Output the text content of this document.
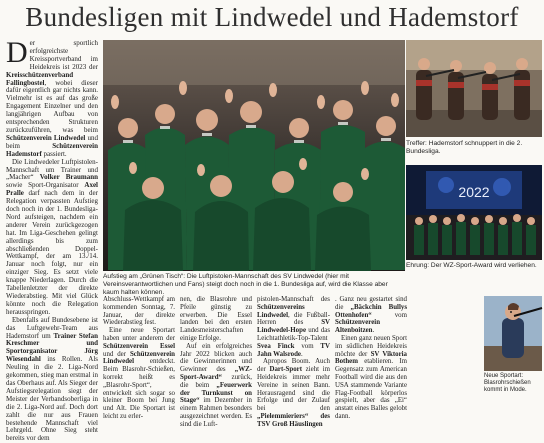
Bundesligen mit Lindwedel und Hademstorf

Der sportlich erfolgreichste Kreissportverband im Heidekreis ist 2023 der Kreisschützenverband Fallingbostel, wobei dieser dafür eigentlich gar nichts kann. Vielmehr ist es auf das große Engagement Einzelner und den langjährigen Aufbau von entsprechenden Strukturen zurückzuführen, was beim Schützenverein Lindwedel und beim Schützenverein Hademstorf passiert.

Die Lindwedeler Luftpistolen-Mannschaft um Trainer und „Macher“ Volker Braumann sowie Sport-Organisator Axel Pralle darf nach dem in der Relegation verpassten Aufstieg doch noch in der 1. Bundesliga-Nord aufsteigen, nachdem ein anderer Verein zurückgezogen hat. Im Liga-Geschehen gelingt allerdings bis zum abschließenden Doppel-Wettkampf, der am 13./14. Januar noch folgt, nur ein einziger Sieg. Es setzt viele knappe Niederlagen. Durch die Tabellenletzter der direkte Wiederabstieg. Mit viel Glück könnte noch die Relegation herausspringen.

Ebenfalls auf Bundesebene ist das Luftgewehr-Team aus Hademstorf um Trainer Stefan Kreschmer und Sportorganisator Jörg Wiesendahl ins Rollen. Als Neuling in die 2. Liga-Nord gekommen, stieg man erstmal in das Oberhaus auf. Als Sieger der Aufstiegsrelegation siegt der Meister der Verbandsoberliga in die 2. Liga-Nord auf. Doch dort zahlt die nur aus Frauen bestehende Mannschaft viel Lehrgeld. Ohne Sieg steht bereits vor dem

Aufstieg am „Grünen Tisch“: Die Luftpistolen-Mannschaft des SV Lindwedel (hier mit Vereinsverantwortlichen und Fans) steigt doch noch in die 1. Bundesliga auf, wird die Klasse aber kaum halten können.
Treffer: Hademstorf schnuppert in die 2. Bundesliga.
2022
Ehrung: Der WZ-Sport-Award wird verliehen.
Neue Sportart: Blasrohrschießen kommt in Mode.

Abschluss-Wettkampf am kommenden Sonntag, 7. Januar, der direkte Wiederabstieg fest.

Eine neue Sportart haben unter anderem der Schützenverein Essel und der Schützenverein Lindwedel entdeckt. Beim Blasrohr-Schießen, korrekt heißt es „Blasrohr-Sport“, entwickelt sich sogar so kleiner Boom bei Jung und Alt. Die Sportart ist leicht zu erler-

nen, die Blasrohre und Pfeile günstig zu erwerben. Die Essel landen bei den ersten Landesmeisterschaften einige Erfolge.

Auf ein erfolgreiches Jahr 2022 blicken auch die Gewinnerinnen und Gewinner des „WZ-Sport-Award“ zurück, die beim „Feuerwerk der Turnkunst on Stage“ im Dezember in einem Rahmen besonders ausgezeichnet werden. Es sind die Luft-

pistolen-Mannschaft des Schützenvereins Lindwedel, die Fußball-Herren des SV Lindwedel-Hope und das Leichtathletik-Top-Talent Svea Finck vom TV Jahn Walsrode.

Apropos Boom. Auch der Dart-Sport zieht im Heidekreis immer mehr Vereine in seinen Bann. Herausragend sind die Erfolge und der Zulauf bei den „Pielemmieriers“ des TSV Groß Häuslingen

. Ganz neu gestartet sind die „Bäckchin Bullys Ottenhofen“ vom Schützenverein Altenboitzen.

Einen ganz neuen Sport im südlichen Heidekreis möchte der SV Viktoria Bothem etablieren. Im Gegensatz zum American Football wird die aus den USA stammende Variante Flag-Football körperlos gespielt, aber das „Ei“ anstatt eines Balles gelobt dann.
